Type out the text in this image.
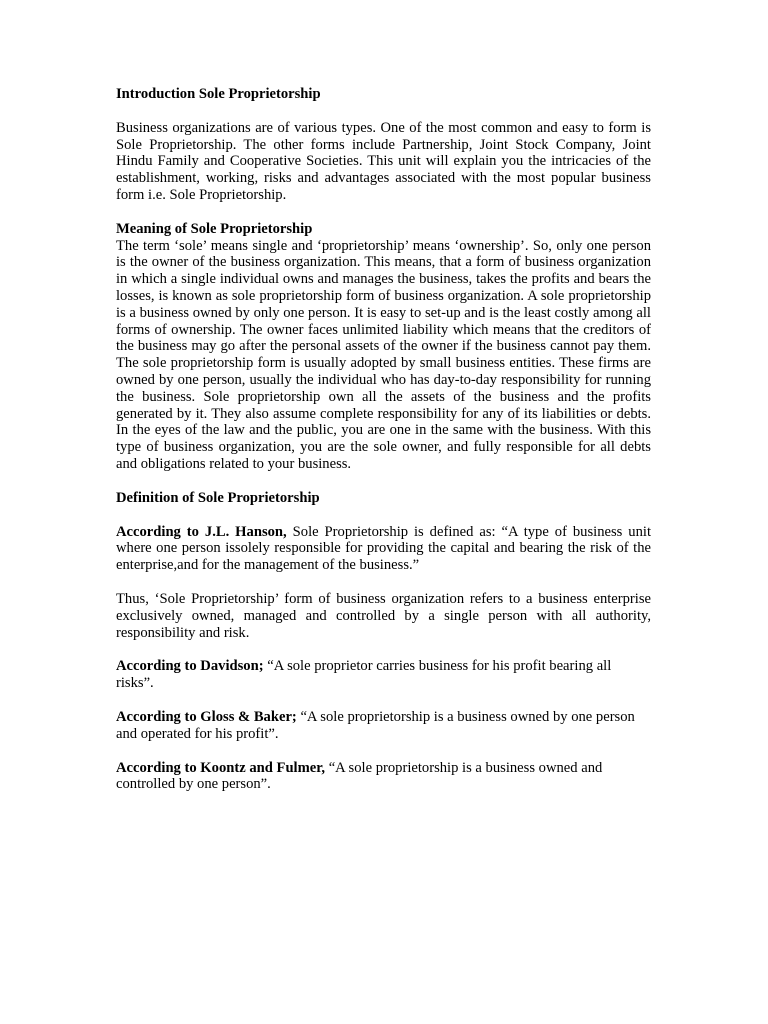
Introduction Sole Proprietorship

Business organizations are of various types. One of the most common and easy to form is Sole Proprietorship. The other forms include Partnership, Joint Stock Company, Joint Hindu Family and Cooperative Societies. This unit will explain you the intricacies of the establishment, working, risks and advantages associated with the most popular business form i.e. Sole Proprietorship.

Meaning of Sole Proprietorship

The term ‘sole’ means single and ‘proprietorship’ means ‘ownership’. So, only one person is the owner of the business organization. This means, that a form of business organization in which a single individual owns and manages the business, takes the profits and bears the losses, is known as sole proprietorship form of business organization. A sole proprietorship is a business owned by only one person. It is easy to set-up and is the least costly among all forms of ownership. The owner faces unlimited liability which means that the creditors of the business may go after the personal assets of the owner if the business cannot pay them. The sole proprietorship form is usually adopted by small business entities. These firms are owned by one person, usually the individual who has day-to-day responsibility for running the business. Sole proprietorship own all the assets of the business and the profits generated by it. They also assume complete responsibility for any of its liabilities or debts. In the eyes of the law and the public, you are one in the same with the business. With this type of business organization, you are the sole owner, and fully responsible for all debts and obligations related to your business.

Definition of Sole Proprietorship

According to J.L. Hanson, Sole Proprietorship is defined as: “A type of business unit where one person issolely responsible for providing the capital and bearing the risk of the enterprise,and for the management of the business.”

Thus, ‘Sole Proprietorship’ form of business organization refers to a business enterprise exclusively owned, managed and controlled by a single person with all authority, responsibility and risk.

According to Davidson; “A sole proprietor carries business for his profit bearing all risks”.

According to Gloss & Baker; “A sole proprietorship is a business owned by one person and operated for his profit”.

According to Koontz and Fulmer, “A sole proprietorship is a business owned and controlled by one person”.
